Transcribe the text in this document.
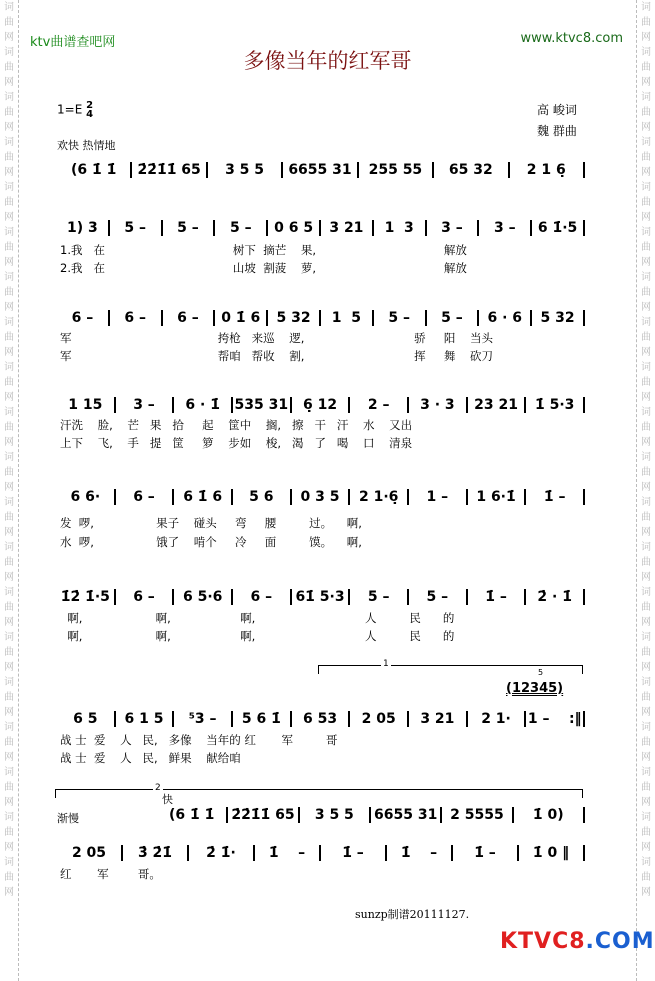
词曲网词曲网词曲网词曲网词曲网词曲网词曲网词曲网词曲网词曲网词曲网词曲网词曲网词曲网词曲网词曲网词曲网词曲网词曲网词曲网
词曲网词曲网词曲网词曲网词曲网词曲网词曲网词曲网词曲网词曲网词曲网词曲网词曲网词曲网词曲网词曲网词曲网词曲网词曲网词曲网
ktv曲谱查吧网	www.ktvc8.com
多像当年的红军哥
1=E 2
4	高 峻词
魏 群曲
欢快 热情地
(6 1̇ 1̇	2̇2̇1̇1̇ 65	3 5 5	6655 31	255 55	65 32	2 1 6̣
1) 3	5 –	5 –	5 –	0 6 5	3 21	1  3	3 –	3 –	6 1̇·5
1.我   在                                   树下  摘芒    果,                                   解放
2.我   在                                   山坡  割菠    萝,                                   解放
6 –	6 –	6 –	0 1̇ 6	5 32	1  5	5 –	5 –	6 · 6	5 32
军                                        挎枪   来巡    逻,                              骄     阳    当头
军                                        帮咱   帮收    割,                              挥     舞    砍刀
1 15	3 –	6 · 1̇	535 31	6̣ 12	2 –	3 · 3	23 21	1̇ 5·3
汗洗    脸,    芒   果   拾     起    筐中    搁,   擦   干   汗    水    又出
上下    飞,    手   提   筐     箩    步如    梭,   渴   了   喝    口    清泉
6 6·	6 –	6 1̇ 6	5 6	0 3 5	2 1·6̣	1 –	1 6·1̇	1̇ –
发  啰,                 果子    碰头     弯     腰         过。    啊,
水  啰,                 饿了    啃个     冷     面         馍。    啊,
1̇2̇ 1̇·5	6 –	6 5·6	6 –	61̇ 5·3	5 –	5 –	1̇ –	2̇ · 1̇
啊,                    啊,                   啊,                              人         民      的
啊,                    啊,                   啊,                              人         民      的
1
5
(12345)
6 5	6 1 5	⁵3 –	5 6 1̇	6 53	2 05	3 21	2 1·	1 –    :‖
战 士  爱    人   民,   多像    当年的 红       军         哥
战 士  爱    人   民,   鲜果    献给咱
2
快
渐慢	(6 1̇ 1̇	2̇2̇1̇1̇ 65	3 5 5	6655 31 2 5555	1̇ 0)
2 05	3̇ 2̇1̇	2̇ 1̇·	1̇    –	1̇ –	1̇    –	1̇ –	1̇ 0 ‖
红       军        哥。
sunzp制谱20111127.
KTVC8.COM
